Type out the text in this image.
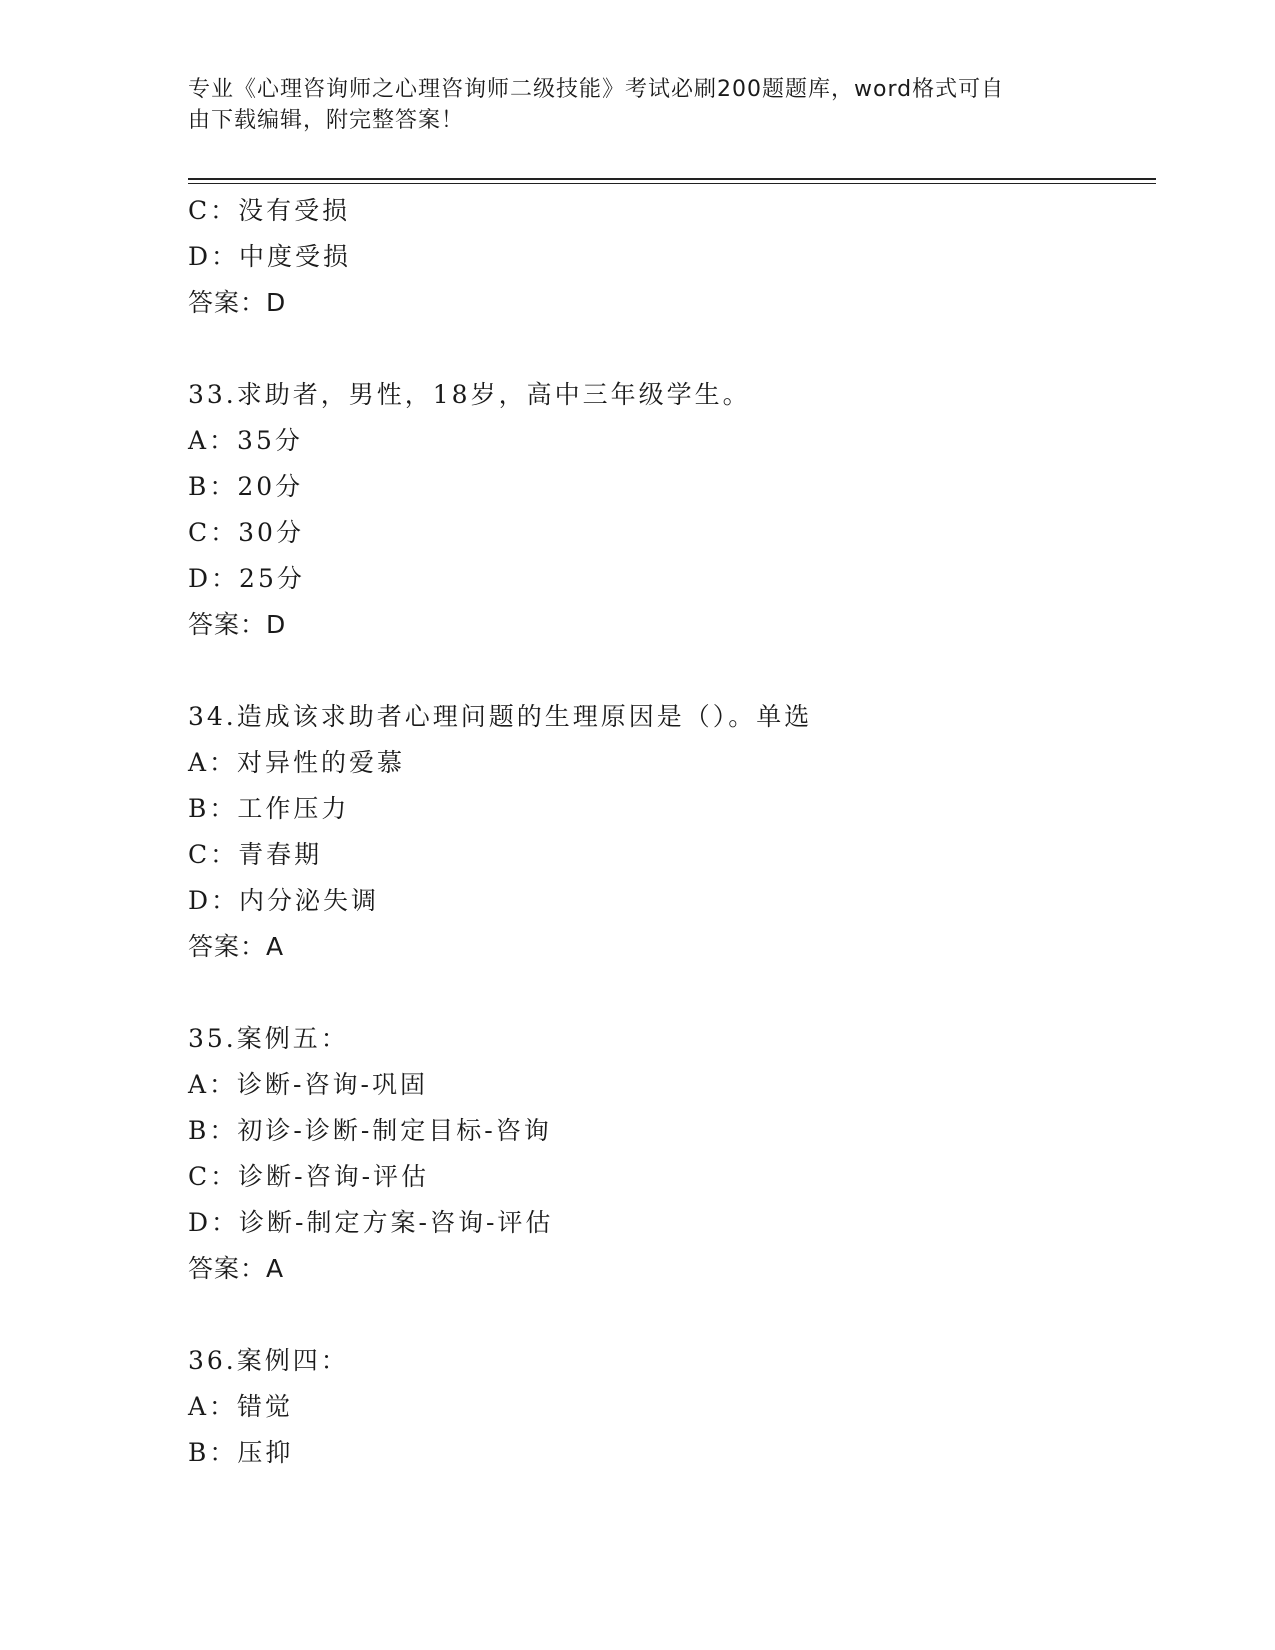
专业《心理咨询师之心理咨询师二级技能》考试必刷200题题库，word格式可自
由下载编辑，附完整答案！
C：没有受损
D：中度受损
答案：D
33.求助者，男性，18岁，高中三年级学生。
A：35分
B：20分
C：30分
D：25分
答案：D
34.造成该求助者心理问题的生理原因是（）。单选
A：对异性的爱慕
B：工作压力
C：青春期
D：内分泌失调
答案：A
35.案例五：
A：诊断-咨询-巩固
B：初诊-诊断-制定目标-咨询
C：诊断-咨询-评估
D：诊断-制定方案-咨询-评估
答案：A
36.案例四：
A：错觉
B：压抑
